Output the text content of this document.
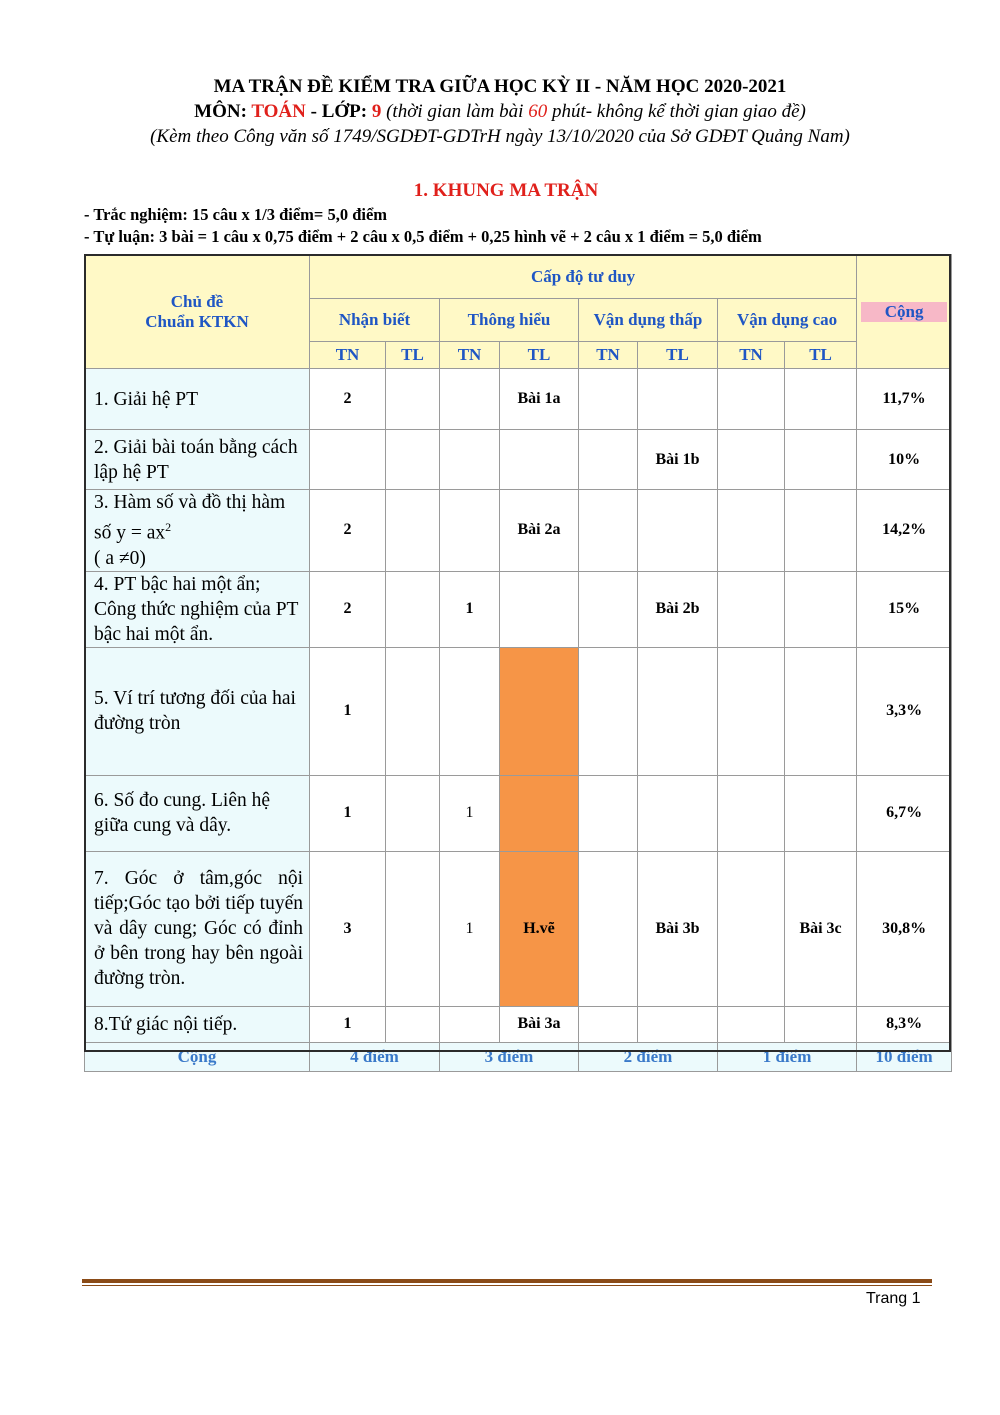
MA TRẬN ĐỀ KIỂM TRA GIỮA HỌC KỲ II - NĂM HỌC 2020-2021
MÔN: TOÁN - LỚP: 9 (thời gian làm bài 60 phút- không kể thời gian giao đề)
(Kèm theo Công văn số 1749/SGDĐT-GDTrH ngày 13/10/2020 của Sở GDĐT Quảng Nam)
1. KHUNG MA TRẬN
- Trắc nghiệm: 15 câu x 1/3 điểm= 5,0 điểm
- Tự luận: 3 bài = 1 câu x 0,75 điểm + 2 câu x 0,5 điểm + 0,25 hình vẽ + 2 câu x 1 điểm = 5,0 điểm
Chủ đề
Chuẩn KTKN	Cấp độ tư duy								Cộng
	Nhận biết		Thông hiểu		Vận dụng thấp		Vận dụng cao		
	TN	TL	TN	TL	TN	TL	TN	TL	
1. Giải hệ PT	2			Bài 1a					11,7%
2. Giải bài toán bằng cách lập hệ PT						Bài 1b			10%
3. Hàm số và đồ thị hàm số $y = ax^2$
( a ≠0)	2			Bài 2a					14,2%
4. PT bậc hai một ẩn; Công thức nghiệm của PT bậc hai một ẩn.	2		1			Bài 2b			15%
5. Ví trí tương đối của hai đường tròn	1								3,3%
6. Số đo cung. Liên hệ giữa cung và dây.	1		1						6,7%
7. Góc ở tâm,góc nội tiếp;Góc tạo bởi tiếp tuyến và dây cung; Góc có đỉnh ở bên trong hay bên ngoài đường tròn.	3		1	H.vẽ		Bài 3b		Bài 3c	30,8%
8.Tứ giác nội tiếp.	1			Bài 3a					8,3%
Cộng	4 điểm		3 điểm		2 điểm		1 điểm		10 điểm
Trang 1
